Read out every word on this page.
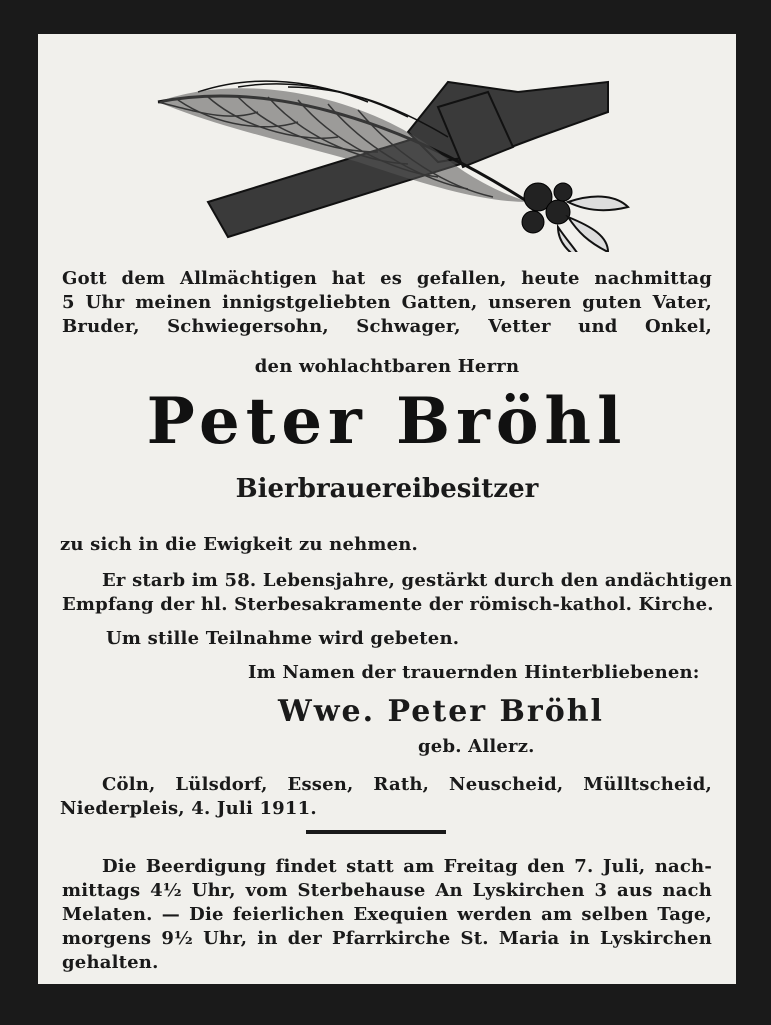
Gott dem Allmächtigen hat es gefallen, heute nachmittag
5 Uhr meinen innigstgeliebten Gatten, unseren guten Vater,
Bruder, Schwiegersohn, Schwager, Vetter und Onkel,
den wohlachtbaren Herrn
Peter Bröhl
Bierbrauereibesitzer
zu sich in die Ewigkeit zu nehmen.
Er starb im 58. Lebensjahre, gestärkt durch den andächtigen
Empfang der hl. Sterbesakramente der römisch-kathol. Kirche.
Um stille Teilnahme wird gebeten.
Im Namen der trauernden Hinterbliebenen:
Wwe. Peter Bröhl
geb. Allerz.
Cöln, Lülsdorf, Essen, Rath, Neuscheid, Mülltscheid,
Niederpleis, 4. Juli 1911.
Die Beerdigung findet statt am Freitag den 7. Juli, nach-
mittags 4½ Uhr, vom Sterbehause An Lyskirchen 3 aus nach
Melaten. — Die feierlichen Exequien werden am selben Tage,
morgens 9½ Uhr, in der Pfarrkirche St. Maria in Lyskirchen
gehalten.
